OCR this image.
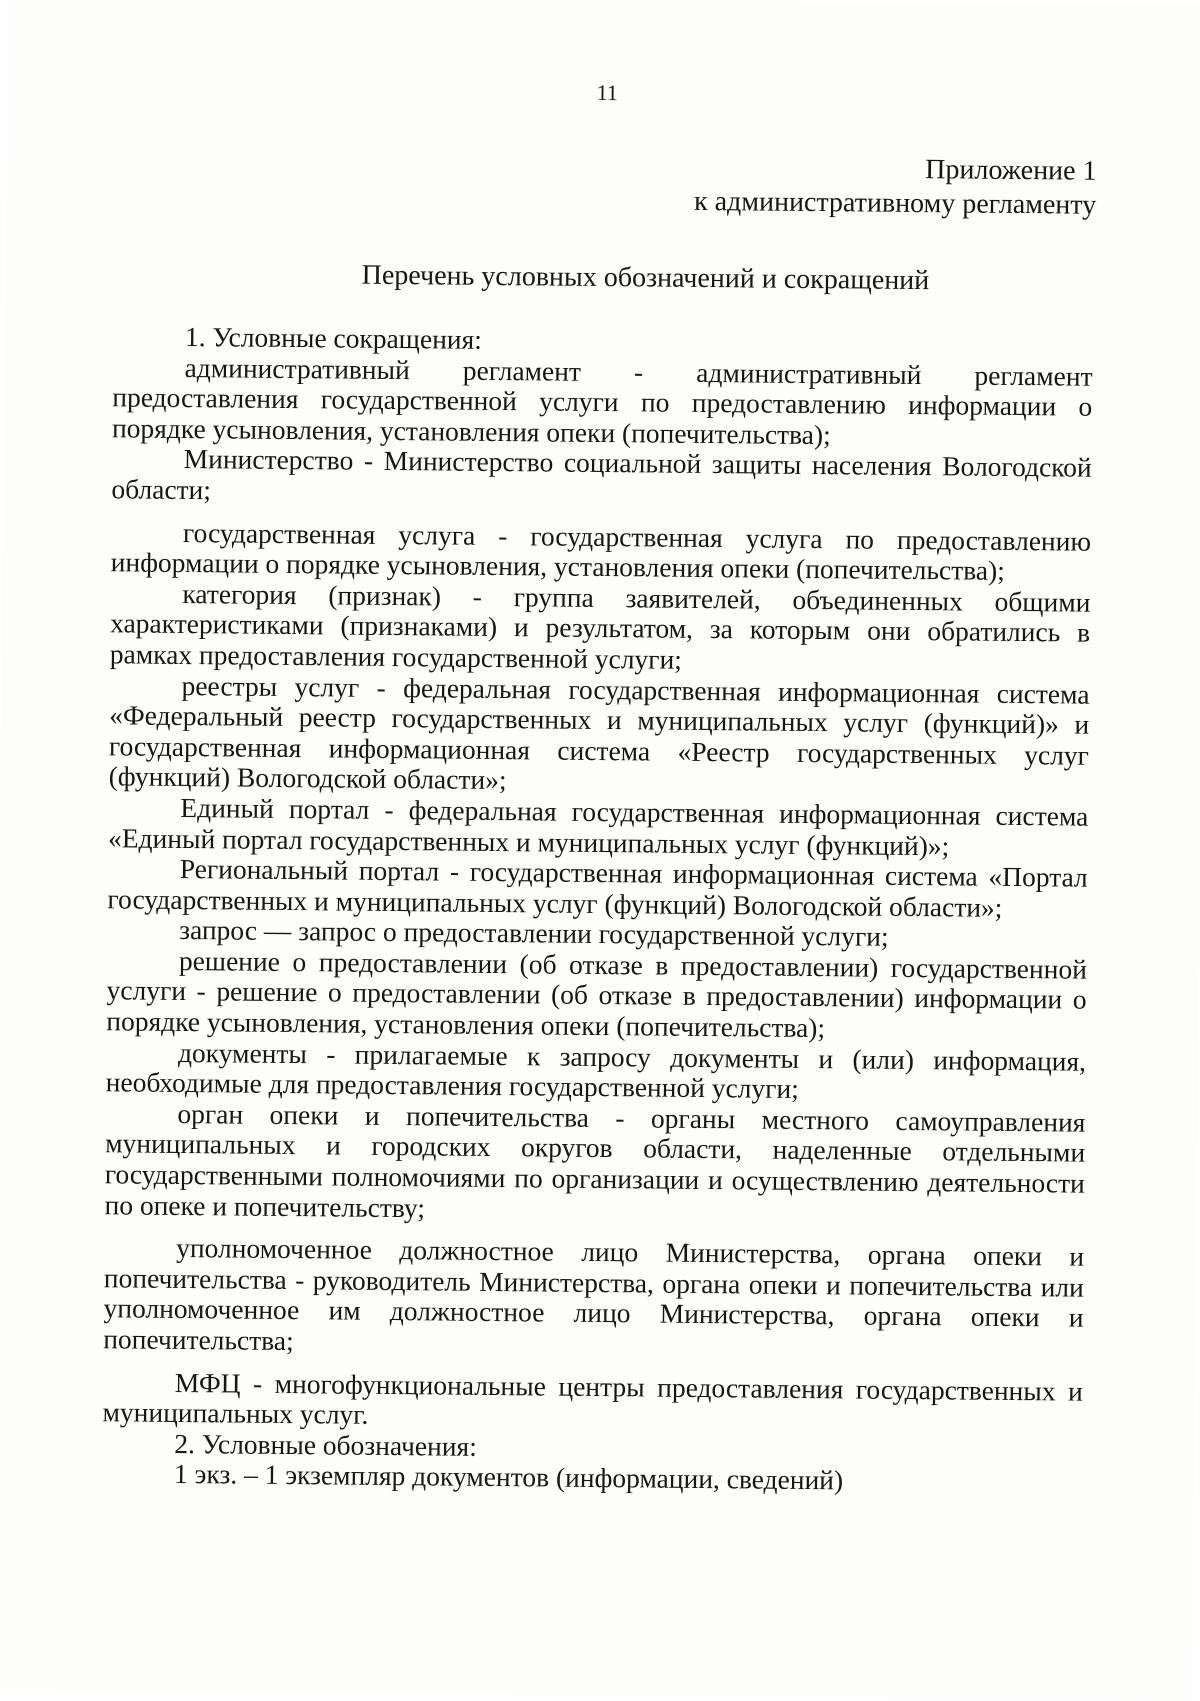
11
Приложение 1
к административному регламенту
Перечень условных обозначений и сокращений

1. Условные сокращения:

административный регламент - административный регламент предоставления государственной услуги по предоставлению информации о порядке усыновления, установления опеки (попечительства);

Министерство - Министерство социальной защиты населения Вологодской области;

государственная услуга - государственная услуга по предоставлению информации о порядке усыновления, установления опеки (попечительства);

категория (признак) - группа заявителей, объединенных общими характеристиками (признаками) и результатом, за которым они обратились в рамках предоставления государственной услуги;

реестры услуг - федеральная государственная информационная система «Федеральный реестр государственных и муниципальных услуг (функций)» и государственная информационная система «Реестр государственных услуг (функций) Вологодской области»;

Единый портал - федеральная государственная информационная система «Единый портал государственных и муниципальных услуг (функций)»;

Региональный портал - государственная информационная система «Портал государственных и муниципальных услуг (функций) Вологодской области»;

запрос — запрос о предоставлении государственной услуги;

решение о предоставлении (об отказе в предоставлении) государственной услуги - решение о предоставлении (об отказе в предоставлении) информации о порядке усыновления, установления опеки (попечительства);

документы - прилагаемые к запросу документы и (или) информация, необходимые для предоставления государственной услуги;

орган опеки и попечительства - органы местного самоуправления муниципальных и городских округов области, наделенные отдельными государственными полномочиями по организации и осуществлению деятельности по опеке и попечительству;

уполномоченное должностное лицо Министерства, органа опеки и попечительства - руководитель Министерства, органа опеки и попечительства или уполномоченное им должностное лицо Министерства, органа опеки и попечительства;

МФЦ - многофункциональные центры предоставления государственных и муниципальных услуг.

2. Условные обозначения:

1 экз. – 1 экземпляр документов (информации, сведений)
